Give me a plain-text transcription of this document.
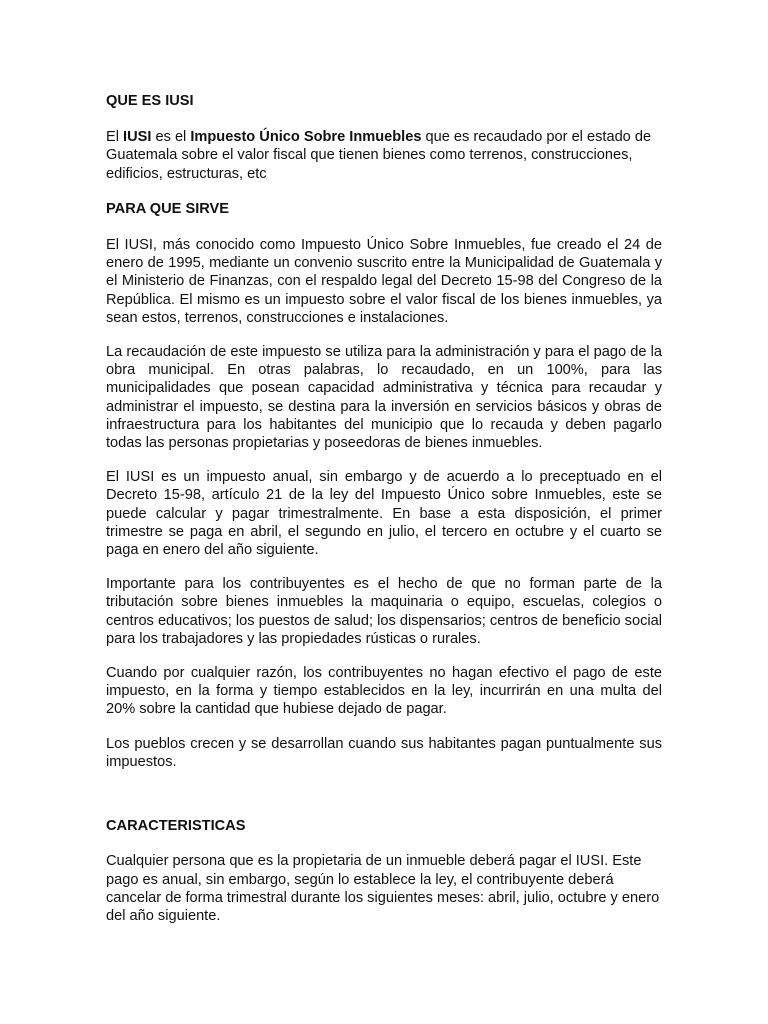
QUE ES IUSI
El IUSI es el Impuesto Único Sobre Inmuebles que es recaudado por el estado de Guatemala sobre el valor fiscal que tienen bienes como terrenos, construcciones, edificios, estructuras, etc
PARA QUE SIRVE
El IUSI, más conocido como Impuesto Único Sobre Inmuebles, fue creado el 24 de enero de 1995, mediante un convenio suscrito entre la Municipalidad de Guatemala y el Ministerio de Finanzas, con el respaldo legal del Decreto 15-98 del Congreso de la República. El mismo es un impuesto sobre el valor fiscal de los bienes inmuebles, ya sean estos, terrenos, construcciones e instalaciones.
La recaudación de este impuesto se utiliza para la administración y para el pago de la obra municipal. En otras palabras, lo recaudado, en un 100%, para las municipalidades que posean capacidad administrativa y técnica para recaudar y administrar el impuesto, se destina para la inversión en servicios básicos y obras de infraestructura para los habitantes del municipio que lo recauda y deben pagarlo todas las personas propietarias y poseedoras de bienes inmuebles.
El IUSI es un impuesto anual, sin embargo y de acuerdo a lo preceptuado en el Decreto 15-98, artículo 21 de la ley del Impuesto Único sobre Inmuebles, este se puede calcular y pagar trimestralmente. En base a esta disposición, el primer trimestre se paga en abril, el segundo en julio, el tercero en octubre y el cuarto se paga en enero del año siguiente.
Importante para los contribuyentes es el hecho de que no forman parte de la tributación sobre bienes inmuebles la maquinaria o equipo, escuelas, colegios o centros educativos; los puestos de salud; los dispensarios; centros de beneficio social para los trabajadores y las propiedades rústicas o rurales.
Cuando por cualquier razón, los contribuyentes no hagan efectivo el pago de este impuesto, en la forma y tiempo establecidos en la ley, incurrirán en una multa del 20% sobre la cantidad que hubiese dejado de pagar.
Los pueblos crecen y se desarrollan cuando sus habitantes pagan puntualmente sus impuestos.
CARACTERISTICAS
Cualquier persona que es la propietaria de un inmueble deberá pagar el IUSI. Este pago es anual, sin embargo, según lo establece la ley, el contribuyente deberá cancelar de forma trimestral durante los siguientes meses: abril, julio, octubre y enero del año siguiente.
